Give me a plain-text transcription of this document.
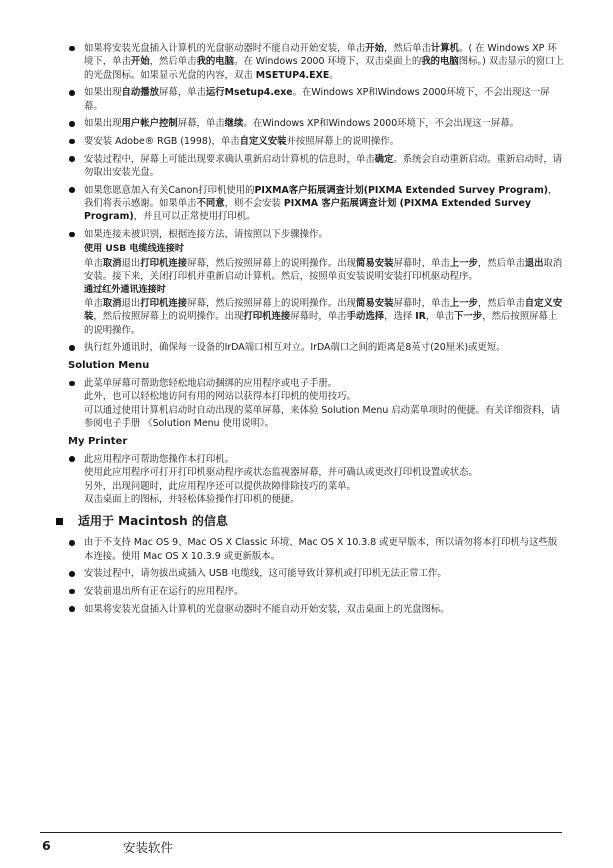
如果将安装光盘插入计算机的光盘驱动器时不能自动开始安装，单击开始，然后单击计算机。( 在 Windows XP 环境下，单击开始，然后单击我的电脑。在 Windows 2000 环境下，双击桌面上的我的电脑图标。) 双击显示的窗口上的光盘图标。如果显示光盘的内容，双击 MSETUP4.EXE。
如果出现自动播放屏幕，单击运行Msetup4.exe。在Windows XP和Windows 2000环境下，不会出现这一屏幕。
如果出现用户帐户控制屏幕，单击继续。在Windows XP和Windows 2000环境下，不会出现这一屏幕。
要安装 Adobe® RGB (1998)，单击自定义安装并按照屏幕上的说明操作。
安装过程中，屏幕上可能出现要求确认重新启动计算机的信息时，单击确定。系统会自动重新启动。重新启动时，请勿取出安装光盘。
如果您愿意加入有关Canon打印机使用的PIXMA客户拓展调查计划(PIXMA Extended Survey Program)，我们将表示感谢。如果单击不同意，则不会安装 PIXMA 客户拓展调查计划 (PIXMA Extended Survey Program)，并且可以正常使用打印机。
如果连接未被识别，根据连接方法，请按照以下步骤操作。
使用 USB 电缆线连接时
单击取消退出打印机连接屏幕，然后按照屏幕上的说明操作。出现简易安装屏幕时，单击上一步，然后单击退出取消安装。接下来，关闭打印机并重新启动计算机。然后，按照单页安装说明安装打印机驱动程序。
通过红外通讯连接时
单击取消退出打印机连接屏幕，然后按照屏幕上的说明操作。出现简易安装屏幕时，单击上一步，然后单击自定义安装，然后按照屏幕上的说明操作。出现打印机连接屏幕时，单击手动选择，选择 IR，单击下一步，然后按照屏幕上的说明操作。
执行红外通讯时，确保每一设备的IrDA端口相互对立。IrDA端口之间的距离是8英寸(20厘米)或更短。
Solution Menu
此菜单屏幕可帮助您轻松地启动捆绑的应用程序或电子手册。
此外，也可以轻松地访问有用的网站以获得本打印机的使用技巧。
可以通过使用计算机启动时自动出现的菜单屏幕，来体验 Solution Menu 启动菜单项时的便捷。有关详细资料，请参阅电子手册 《Solution Menu 使用说明》。
My Printer
此应用程序可帮助您操作本打印机。
使用此应用程序可打开打印机驱动程序或状态监视器屏幕，并可确认或更改打印机设置或状态。
另外，出现问题时，此应用程序还可以提供故障排除技巧的菜单。
双击桌面上的图标，并轻松体验操作打印机的便捷。
适用于 Macintosh 的信息
由于不支持 Mac OS 9、Mac OS X Classic 环境、Mac OS X 10.3.8 或更早版本，所以请勿将本打印机与这些版本连接。使用 Mac OS X 10.3.9 或更新版本。
安装过程中，请勿拔出或插入 USB 电缆线，这可能导致计算机或打印机无法正常工作。
安装前退出所有正在运行的应用程序。
如果将安装光盘插入计算机的光盘驱动器时不能自动开始安装，双击桌面上的光盘图标。
6	安装软件
